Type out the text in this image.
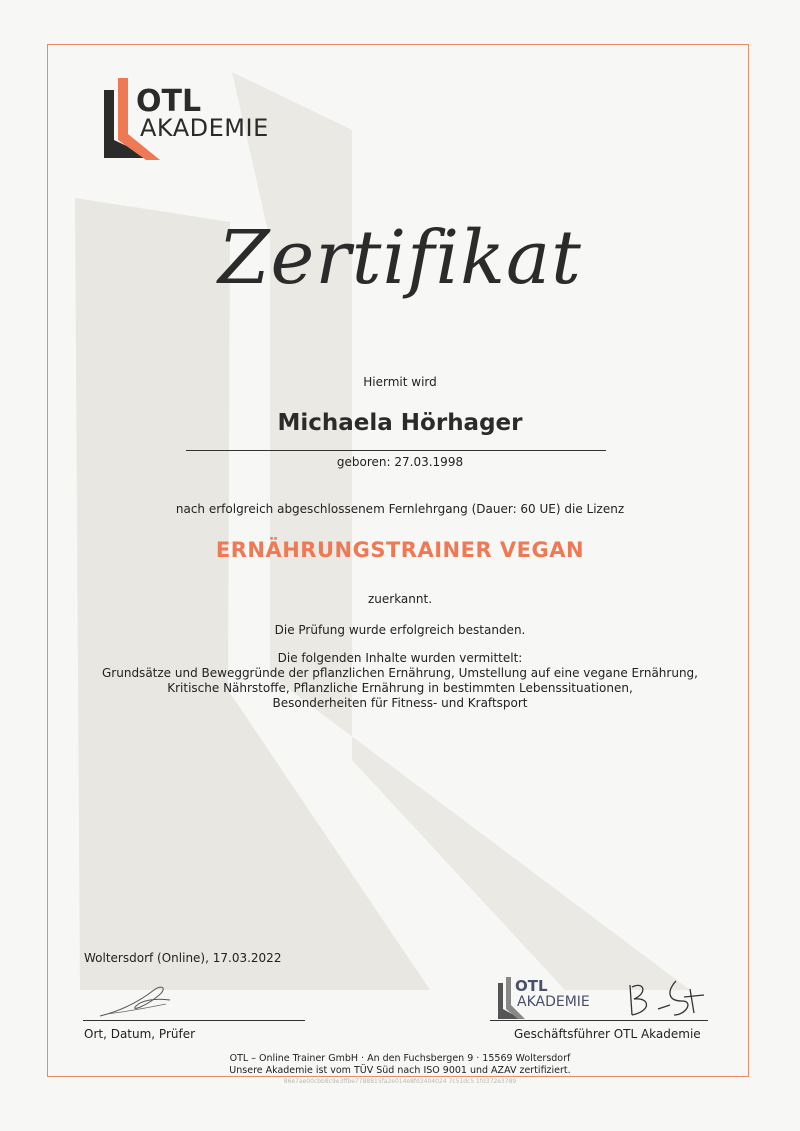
OTL
AKADEMIE
Zertifikat
Hiermit wird
Michaela Hörhager
geboren: 27.03.1998
nach erfolgreich abgeschlossenem Fernlehrgang (Dauer: 60 UE) die Lizenz
ERNÄHRUNGSTRAINER VEGAN
zuerkannt.
Die Prüfung wurde erfolgreich bestanden.
Die folgenden Inhalte wurden vermittelt:
Grundsätze und Beweggründe der pflanzlichen Ernährung, Umstellung auf eine vegane Ernährung,
Kritische Nährstoffe, Pflanzliche Ernährung in bestimmten Lebenssituationen,
Besonderheiten für Fitness- und Kraftsport
Woltersdorf (Online), 17.03.2022
Ort, Datum, Prüfer
OTL
AKADEMIE
Geschäftsführer OTL Akademie
OTL – Online Trainer GmbH · An den Fuchsbergen 9 · 15569 Woltersdorf
Unsere Akademie ist vom TÜV Süd nach ISO 9001 und AZAV zertifiziert.
86e7ae00cbb8c9e3ffbe7788815fa2e014e8fd3404024 7c51dc5 1fd372e3789
